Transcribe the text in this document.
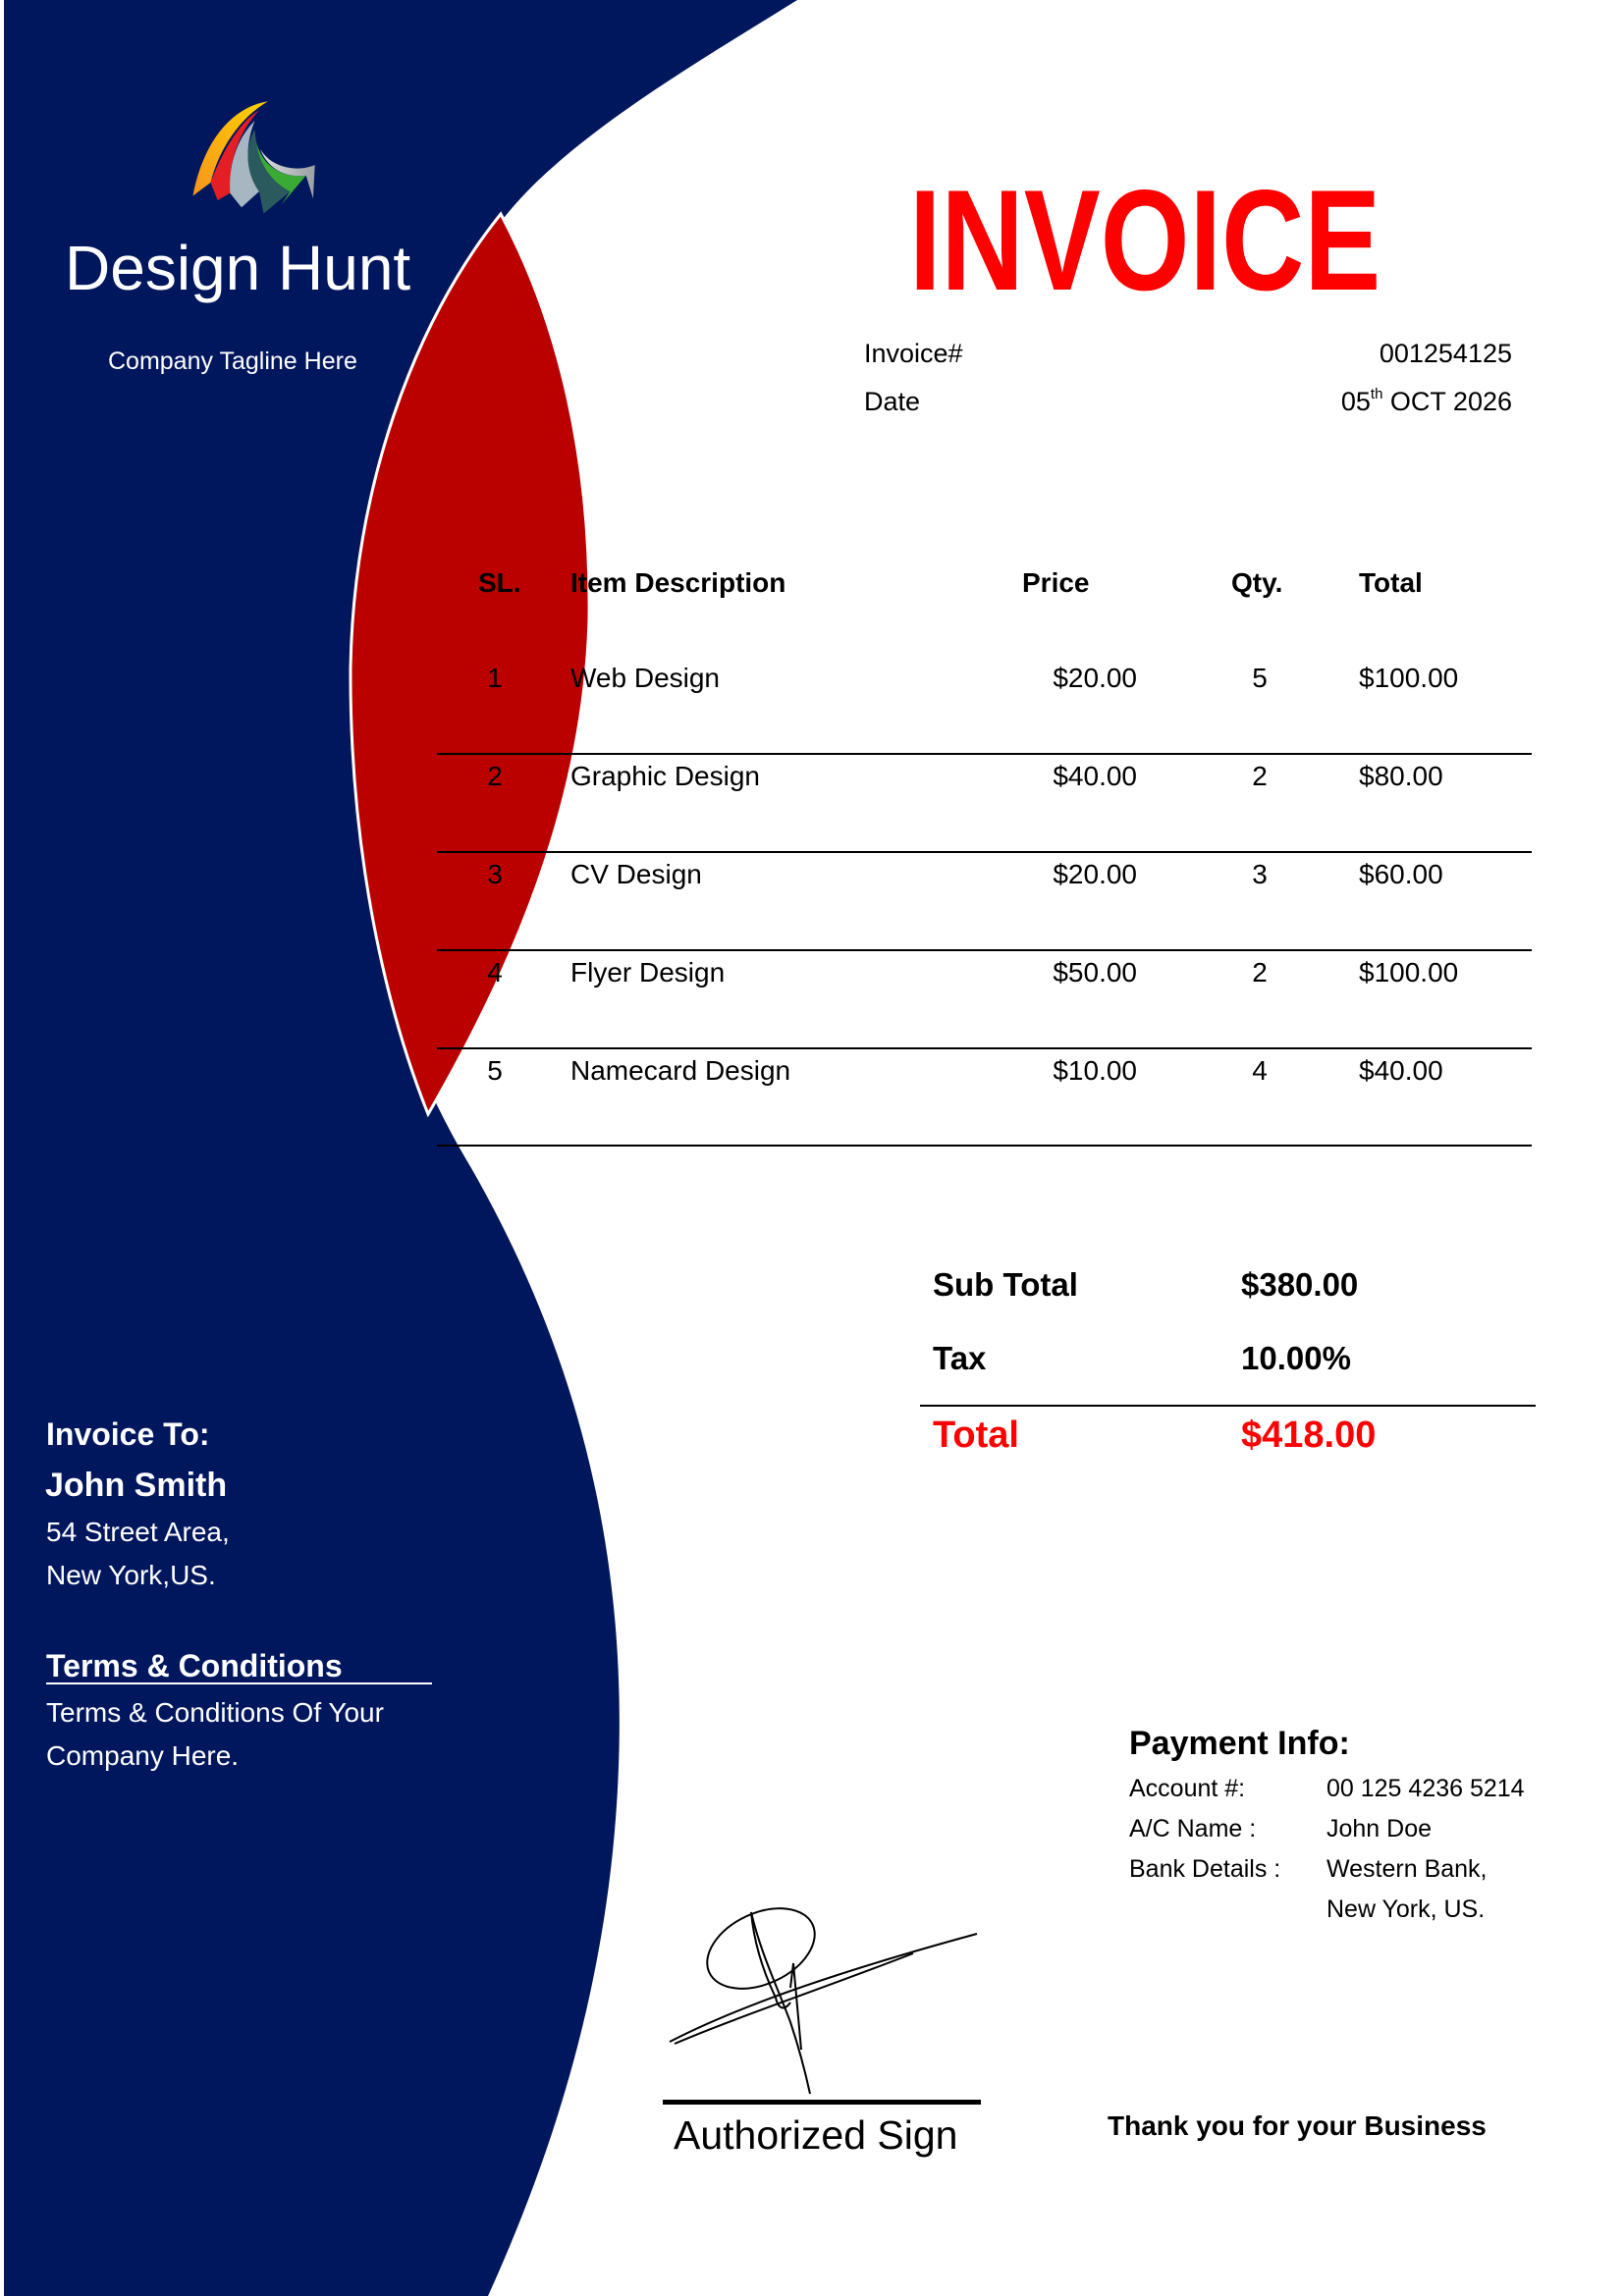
Design Hunt
Company Tagline Here
INVOICE
Invoice#	001254125
Date	05th OCT 2026
SL. Item Description	Price	Qty.	Total
1 Web Design	$20.00	5	$100.00
2 Graphic Design	$40.00	2	$80.00
3 CV Design	$20.00	3	$60.00
4 Flyer Design	$50.00	2	$100.00
5 Namecard Design	$10.00	4	$40.00
Sub Total	$380.00
Tax	10.00%
Total	$418.00
Invoice To:
John Smith
54 Street Area,
New York,US.
Terms & Conditions
Terms & Conditions Of Your
Company Here.	Payment Info:
Account #:	00 125 4236 5214
A/C Name :	John Doe
Bank Details : Western Bank,
New York, US.
Authorized Sign	Thank you for your Business
